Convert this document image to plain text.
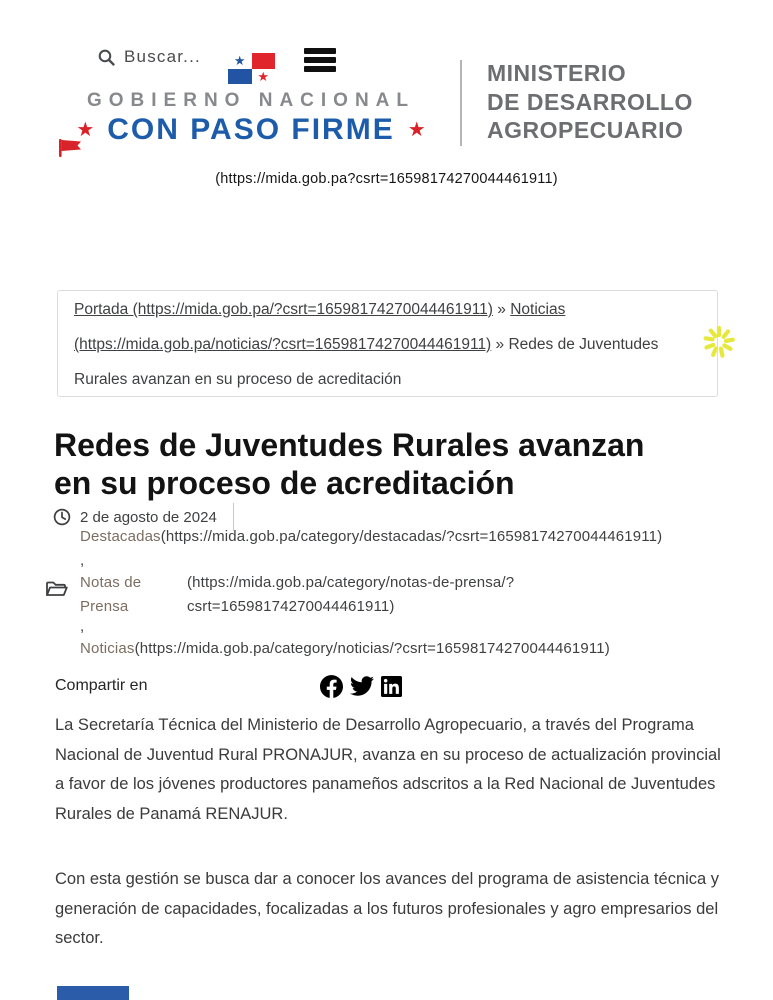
Buscar...	★
★
GOBIERNO NACIONAL
★ CON PASO FIRME ★
MINISTERIO
DE DESARROLLO
AGROPECUARIO
(https://mida.gob.pa?csrt=16598174270044461911)
Portada (https://mida.gob.pa/?csrt=16598174270044461911) » Noticias (https://mida.gob.pa/noticias/?csrt=16598174270044461911) » Redes de Juventudes Rurales avanzan en su proceso de acreditación
Redes de Juventudes Rurales avanzan
en su proceso de acreditación
2 de agosto de 2024
Destacadas(https://mida.gob.pa/category/destacadas/?csrt=16598174270044461911)
,
Notas de Prensa
(https://mida.gob.pa/category/notas-de-prensa/?
csrt=16598174270044461911)
,
Noticias(https://mida.gob.pa/category/noticias/?csrt=16598174270044461911)
Compartir en

La Secretaría Técnica del Ministerio de Desarrollo Agropecuario, a través del Programa Nacional de Juventud Rural PRONAJUR, avanza en su proceso de actualización provincial a favor de los jóvenes productores panameños adscritos a la Red Nacional de Juventudes Rurales de Panamá RENAJUR.

Con esta gestión se busca dar a conocer los avances del programa de asistencia técnica y generación de capacidades, focalizadas a los futuros profesionales y agro empresarios del sector.
